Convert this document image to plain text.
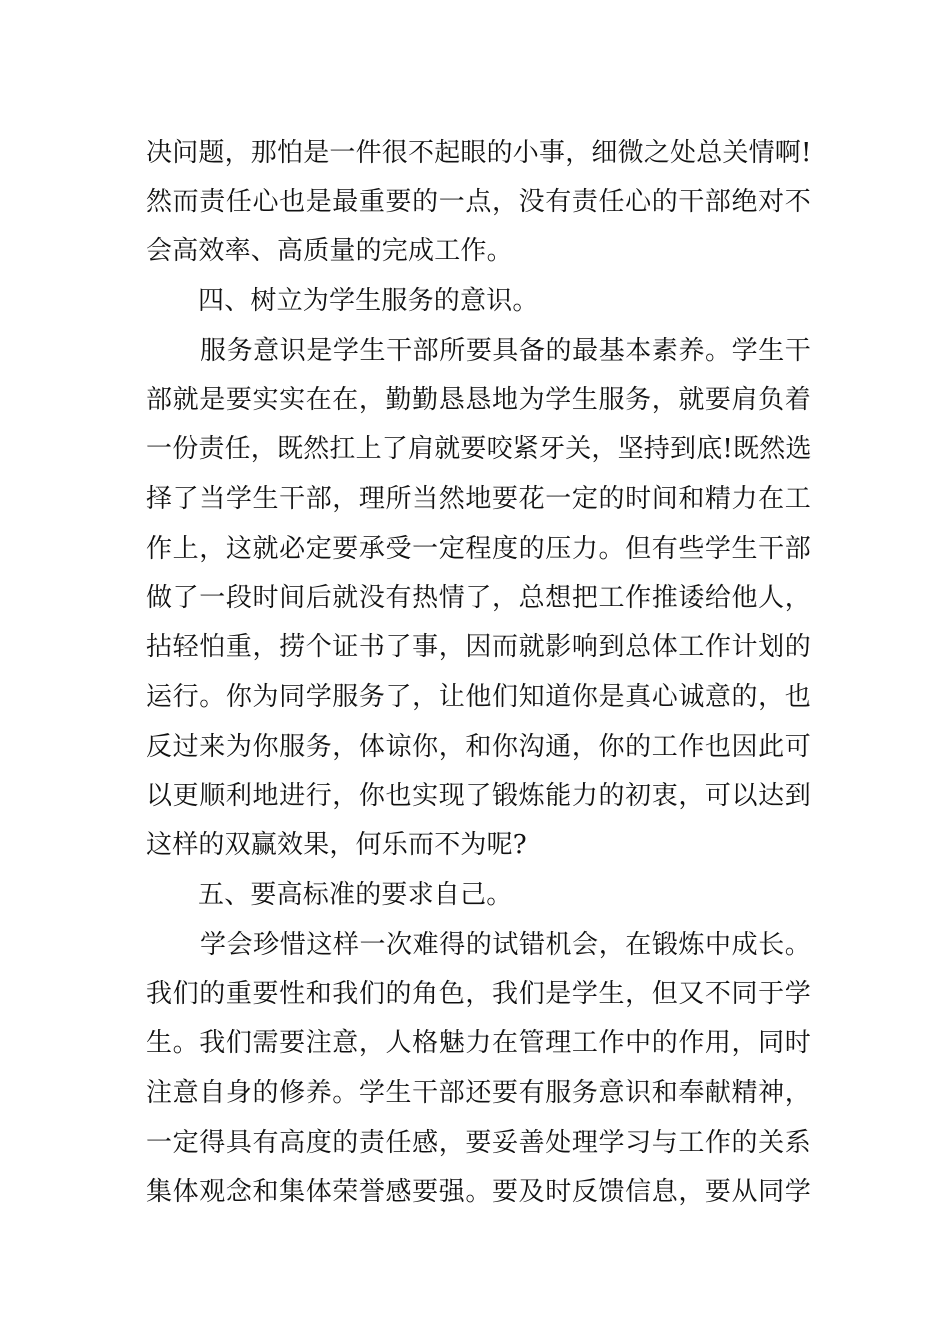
决问题，那怕是一件很不起眼的小事，细微之处总关情啊!
然而责任心也是最重要的一点，没有责任心的干部绝对不
会高效率、高质量的完成工作。
四、树立为学生服务的意识。
服务意识是学生干部所要具备的最基本素养。学生干
部就是要实实在在，勤勤恳恳地为学生服务，就要肩负着
一份责任，既然扛上了肩就要咬紧牙关，坚持到底!既然选
择了当学生干部，理所当然地要花一定的时间和精力在工
作上，这就必定要承受一定程度的压力。但有些学生干部
做了一段时间后就没有热情了，总想把工作推诿给他人，
拈轻怕重，捞个证书了事，因而就影响到总体工作计划的
运行。你为同学服务了，让他们知道你是真心诚意的，也
反过来为你服务，体谅你，和你沟通，你的工作也因此可
以更顺利地进行，你也实现了锻炼能力的初衷，可以达到
这样的双赢效果，何乐而不为呢?
五、要高标准的要求自己。
学会珍惜这样一次难得的试错机会，在锻炼中成长。
我们的重要性和我们的角色，我们是学生，但又不同于学
生。我们需要注意，人格魅力在管理工作中的作用，同时
注意自身的修养。学生干部还要有服务意识和奉献精神，
一定得具有高度的责任感，要妥善处理学习与工作的关系
集体观念和集体荣誉感要强。要及时反馈信息，要从同学
